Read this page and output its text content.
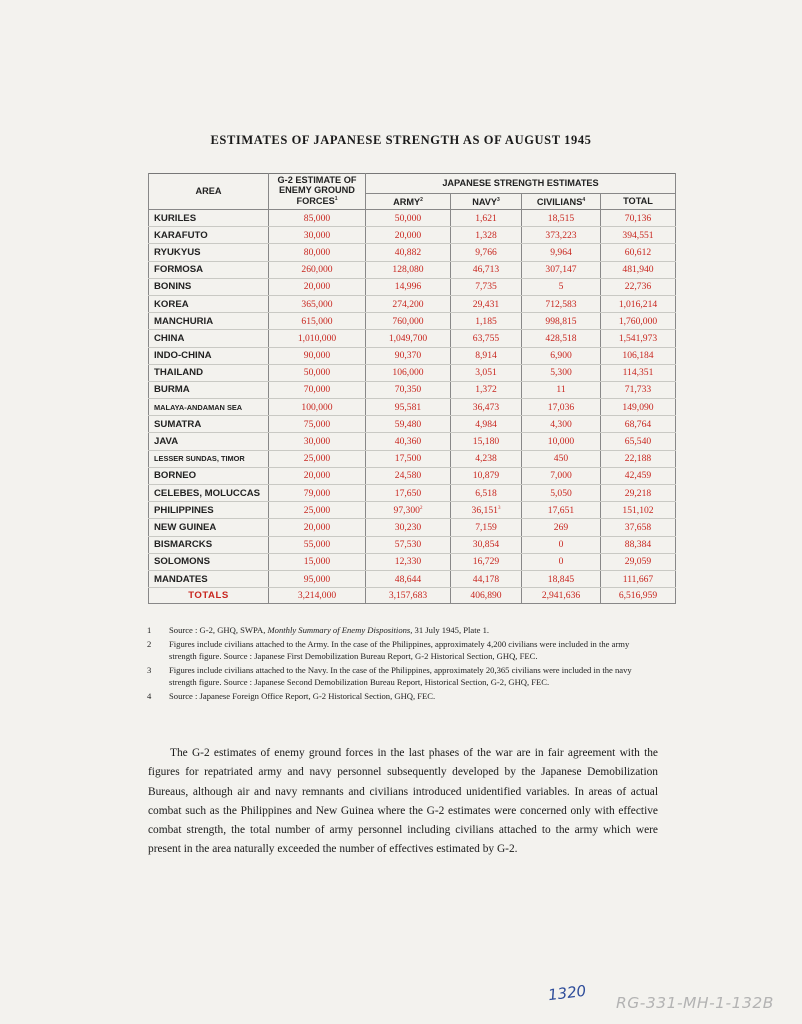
ESTIMATES OF JAPANESE STRENGTH AS OF AUGUST 1945
AREA	G-2 ESTIMATE OF ENEMY GROUND FORCES$^1$	JAPANESE STRENGTH ESTIMATES			
		ARMY$^2$	NAVY$^3$	CIVILIANS$^4$	TOTAL
KURILES	85,000	50,000	1,621	18,515	70,136
KARAFUTO	30,000	20,000	1,328	373,223	394,551
RYUKYUS	80,000	40,882	9,766	9,964	60,612
FORMOSA	260,000	128,080	46,713	307,147	481,940
BONINS	20,000	14,996	7,735	5	22,736
KOREA	365,000	274,200	29,431	712,583	1,016,214
MANCHURIA	615,000	760,000	1,185	998,815	1,760,000
CHINA	1,010,000	1,049,700	63,755	428,518	1,541,973
INDO-CHINA	90,000	90,370	8,914	6,900	106,184
THAILAND	50,000	106,000	3,051	5,300	114,351
BURMA	70,000	70,350	1,372	11	71,733
MALAYA-ANDAMAN SEA	100,000	95,581	36,473	17,036	149,090
SUMATRA	75,000	59,480	4,984	4,300	68,764
JAVA	30,000	40,360	15,180	10,000	65,540
LESSER SUNDAS, TIMOR	25,000	17,500	4,238	450	22,188
BORNEO	20,000	24,580	10,879	7,000	42,459
CELEBES, MOLUCCAS	79,000	17,650	6,518	5,050	29,218
PHILIPPINES	25,000	97,300$^2$	36,151$^3$	17,651	151,102
NEW GUINEA	20,000	30,230	7,159	269	37,658
BISMARCKS	55,000	57,530	30,854	0	88,384
SOLOMONS	15,000	12,330	16,729	0	29,059
MANDATES	95,000	48,644	44,178	18,845	111,667
TOTALS	3,214,000	3,157,683	406,890	2,941,636	6,516,959
1	Source : G-2, GHQ, SWPA, Monthly Summary of Enemy Dispositions, 31 July 1945, Plate 1.
2	Figures include civilians attached to the Army. In the case of the Philippines, approximately 4,200 civilians were included in the army strength figure. Source : Japanese First Demobilization Bureau Report, G-2 Historical Section, GHQ, FEC.
3	Figures include civilians attached to the Navy. In the case of the Philippines, approximately 20,365 civilians were included in the navy strength figure. Source : Japanese Second Demobilization Bureau Report, Historical Section, G-2, GHQ, FEC.
4	Source : Japanese Foreign Office Report, G-2 Historical Section, GHQ, FEC.

The G-2 estimates of enemy ground forces in the last phases of the war are in fair agreement with the figures for repatriated army and navy personnel subsequently developed by the Japanese Demobilization Bureaus, although air and navy remnants and civilians introduced unidentified variables. In areas of actual combat such as the Philippines and New Guinea where the G-2 estimates were concerned only with effective combat strength, the total number of army personnel including civilians attached to the army which were present in the area naturally exceeded the number of effectives estimated by G-2.

1320 RG-331-MH-1-132B
